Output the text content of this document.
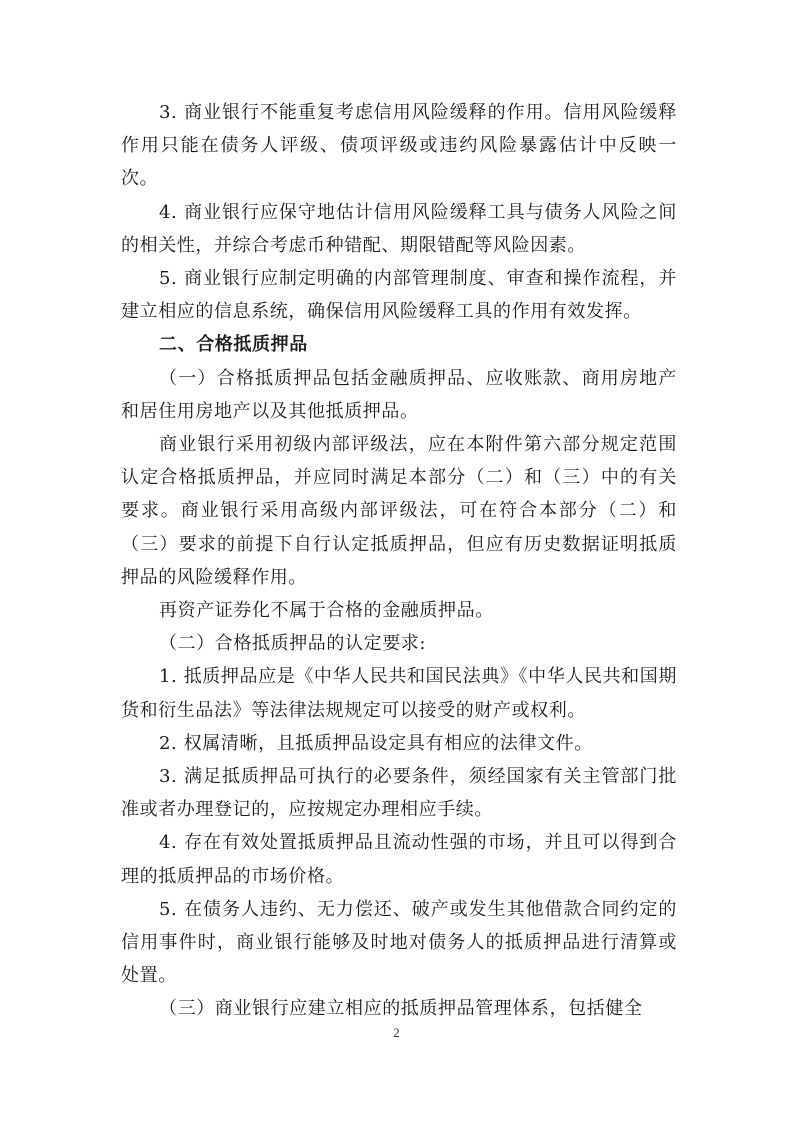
3. 商业银行不能重复考虑信用风险缓释的作用。信用风险缓释作用只能在债务人评级、债项评级或违约风险暴露估计中反映一次。

4. 商业银行应保守地估计信用风险缓释工具与债务人风险之间的相关性，并综合考虑币种错配、期限错配等风险因素。

5. 商业银行应制定明确的内部管理制度、审查和操作流程，并建立相应的信息系统，确保信用风险缓释工具的作用有效发挥。

二、合格抵质押品

（一）合格抵质押品包括金融质押品、应收账款、商用房地产和居住用房地产以及其他抵质押品。

商业银行采用初级内部评级法，应在本附件第六部分规定范围认定合格抵质押品，并应同时满足本部分（二）和（三）中的有关要求。商业银行采用高级内部评级法，可在符合本部分（二）和（三）要求的前提下自行认定抵质押品，但应有历史数据证明抵质押品的风险缓释作用。

再资产证券化不属于合格的金融质押品。

（二）合格抵质押品的认定要求:

1. 抵质押品应是《中华人民共和国民法典》《中华人民共和国期货和衍生品法》等法律法规规定可以接受的财产或权利。

2. 权属清晰，且抵质押品设定具有相应的法律文件。

3. 满足抵质押品可执行的必要条件，须经国家有关主管部门批准或者办理登记的，应按规定办理相应手续。

4. 存在有效处置抵质押品且流动性强的市场，并且可以得到合理的抵质押品的市场价格。

5. 在债务人违约、无力偿还、破产或发生其他借款合同约定的信用事件时，商业银行能够及时地对债务人的抵质押品进行清算或处置。

（三）商业银行应建立相应的抵质押品管理体系，包括健全

2
